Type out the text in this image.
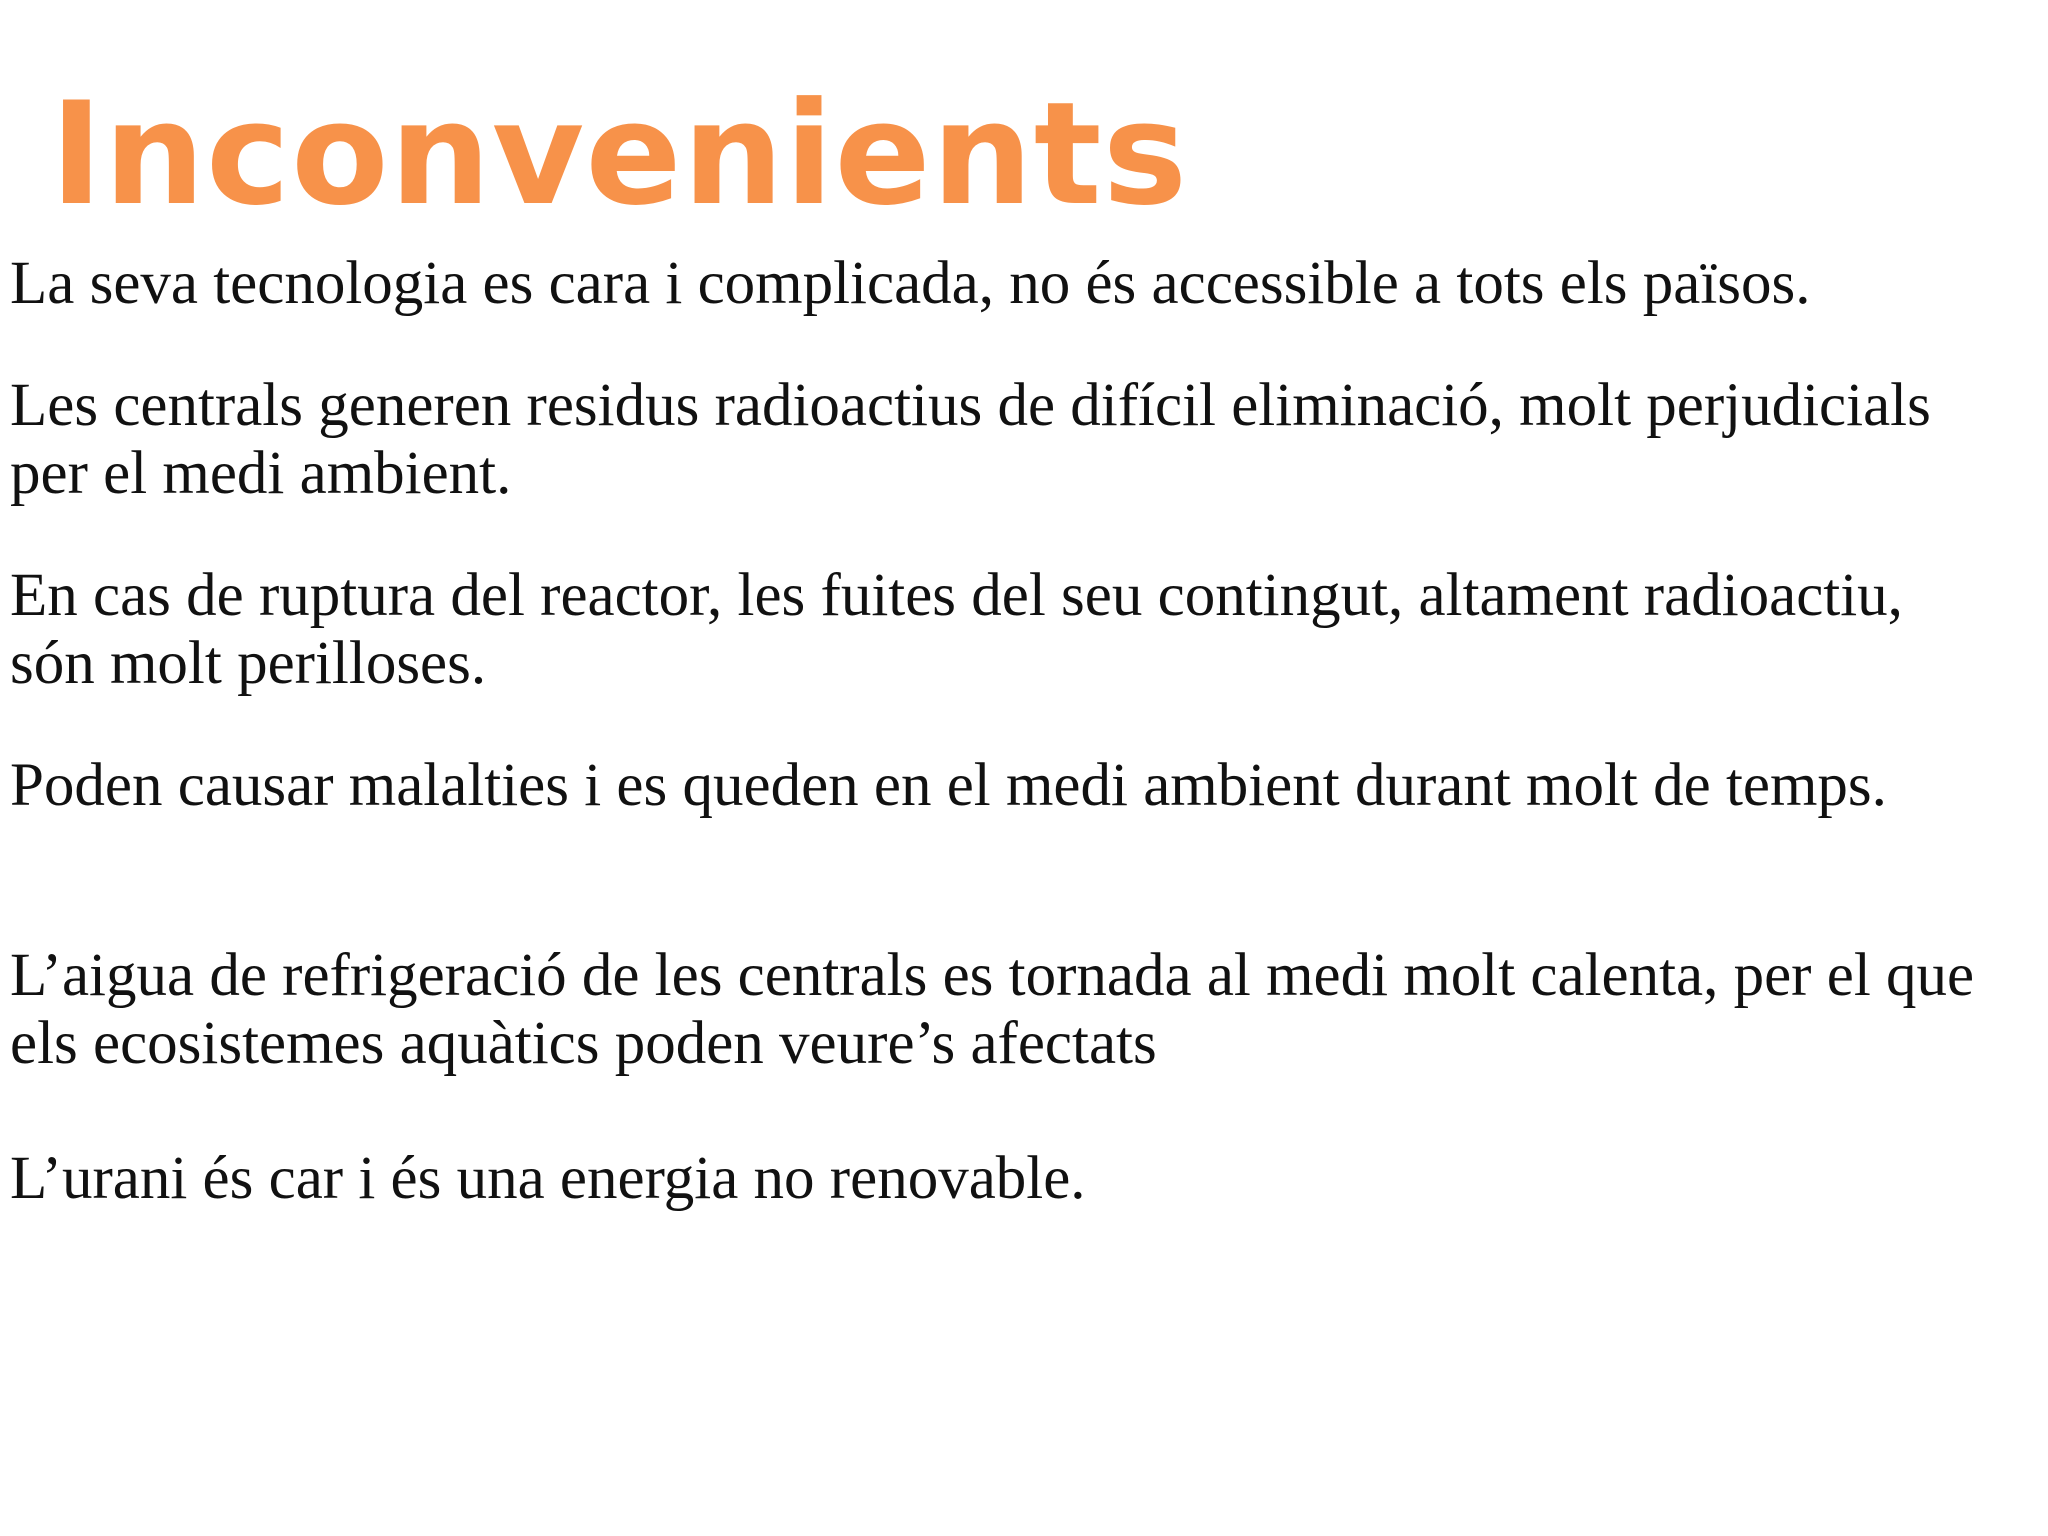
Inconvenients

La seva tecnologia es cara i complicada, no és accessible a tots els països.

Les centrals generen residus radioactius de difícil eliminació, molt perjudicials per el medi ambient.

En cas de ruptura del reactor, les fuites del seu contingut, altament radioactiu, són molt perilloses.

Poden causar malalties i es queden en el medi ambient durant molt de temps.

L’aigua de refrigeració de les centrals es tornada al medi molt calenta, per el que els ecosistemes aquàtics poden veure’s afectats

L’urani és car i és una energia no renovable.
